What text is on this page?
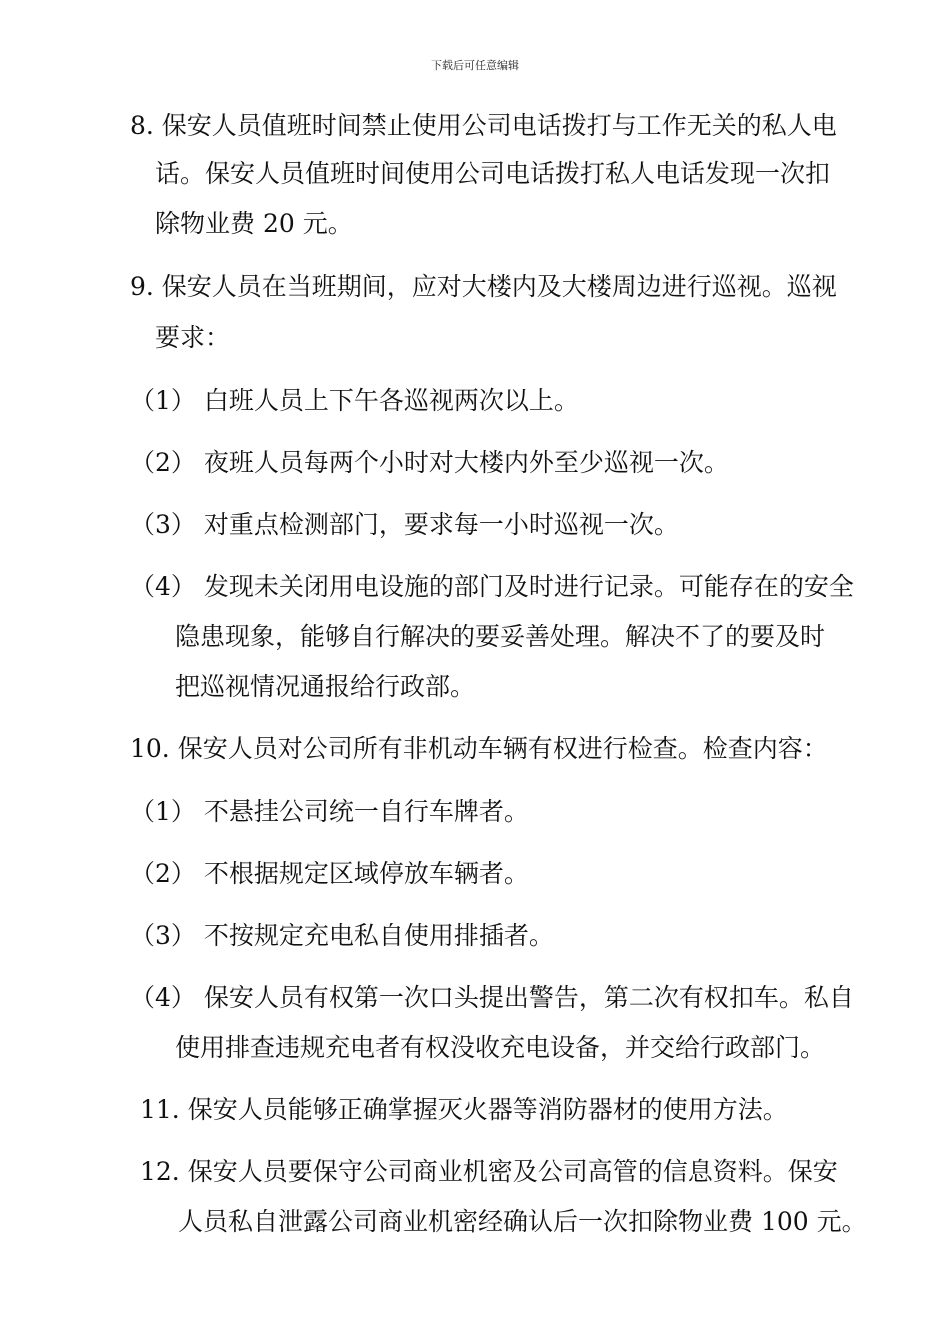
下载后可任意编辑
8. 保安人员值班时间禁止使用公司电话拨打与工作无关的私人电
话。保安人员值班时间使用公司电话拨打私人电话发现一次扣
除物业费 20 元。
9. 保安人员在当班期间，应对大楼内及大楼周边进行巡视。巡视
要求：
（1） 白班人员上下午各巡视两次以上。
（2） 夜班人员每两个小时对大楼内外至少巡视一次。
（3） 对重点检测部门，要求每一小时巡视一次。
（4） 发现未关闭用电设施的部门及时进行记录。可能存在的安全
隐患现象，能够自行解决的要妥善处理。解决不了的要及时
把巡视情况通报给行政部。
10. 保安人员对公司所有非机动车辆有权进行检查。检查内容：
（1） 不悬挂公司统一自行车牌者。
（2） 不根据规定区域停放车辆者。
（3） 不按规定充电私自使用排插者。
（4） 保安人员有权第一次口头提出警告，第二次有权扣车。私自
使用排查违规充电者有权没收充电设备，并交给行政部门。
11. 保安人员能够正确掌握灭火器等消防器材的使用方法。
12. 保安人员要保守公司商业机密及公司高管的信息资料。保安
人员私自泄露公司商业机密经确认后一次扣除物业费 100 元。
